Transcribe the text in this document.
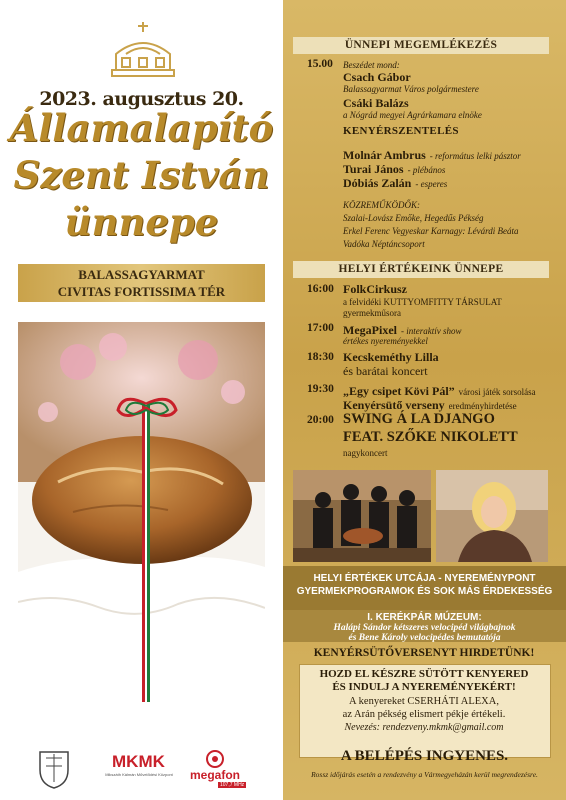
2023. augusztus 20.
Államalapító
Szent István
ünnepe
BALASSAGYARMAT
CIVITAS FORTISSIMA TÉR
MKMK
Mikszáth Kálmán Művelődési Központ megafon
107,7 MHz
ÜNNEPI MEGEMLÉKEZÉS
15.00 Beszédet mond:
Csach Gábor
Balassagyarmat Város polgármestere
Csáki Balázs
a Nógrád megyei Agrárkamara elnöke
KENYÉRSZENTELÉS
Molnár Ambrus - református lelki pásztor
Turai János - plébános
Dóbiás Zalán - esperes
KÖZREMŰKÖDŐK:
Szalai-Lovász Emőke, Hegedűs Pékség
Erkel Ferenc Vegyeskar Karnagy: Lévárdi Beáta
Vadóka Néptáncsoport
HELYI ÉRTÉKEINK ÜNNEPE
16:00 FolkCirkusz
a felvidéki KUTTYOMFITTY TÁRSULAT
gyermekműsora
17:00 MegaPixel - interaktív show
értékes nyereményekkel
18:30 Kecskeméthy Lilla
és barátai koncert
19:30 „Egy csipet Kövi Pál” városi játék sorsolása
Kenyérsütő verseny eredményhirdetése
20:00 SWING Á LA DJANGO
FEAT. SZŐKE NIKOLETT
nagykoncert
HELYI ÉRTÉKEK UTCÁJA - NYEREMÉNYPONT
GYERMEKPROGRAMOK ÉS SOK MÁS ÉRDEKESSÉG
I. KERÉKPÁR MÚZEUM:
Halápi Sándor kétszeres velocipéd világbajnok
és Bene Károly velocipédes bemutatója
KENYÉRSÜTŐVERSENYT HIRDETÜNK!
HOZD EL KÉSZRE SÜTÖTT KENYERED
ÉS INDULJ A NYEREMÉNYEKÉRT!
A kenyereket CSERHÁTI ALEXA,
az Arán pékség elismert pékje értékeli.
Nevezés: rendezveny.mkmk@gmail.com
A BELÉPÉS INGYENES.
Rossz időjárás esetén a rendezvény a Vármegyeházán kerül megrendezésre.
